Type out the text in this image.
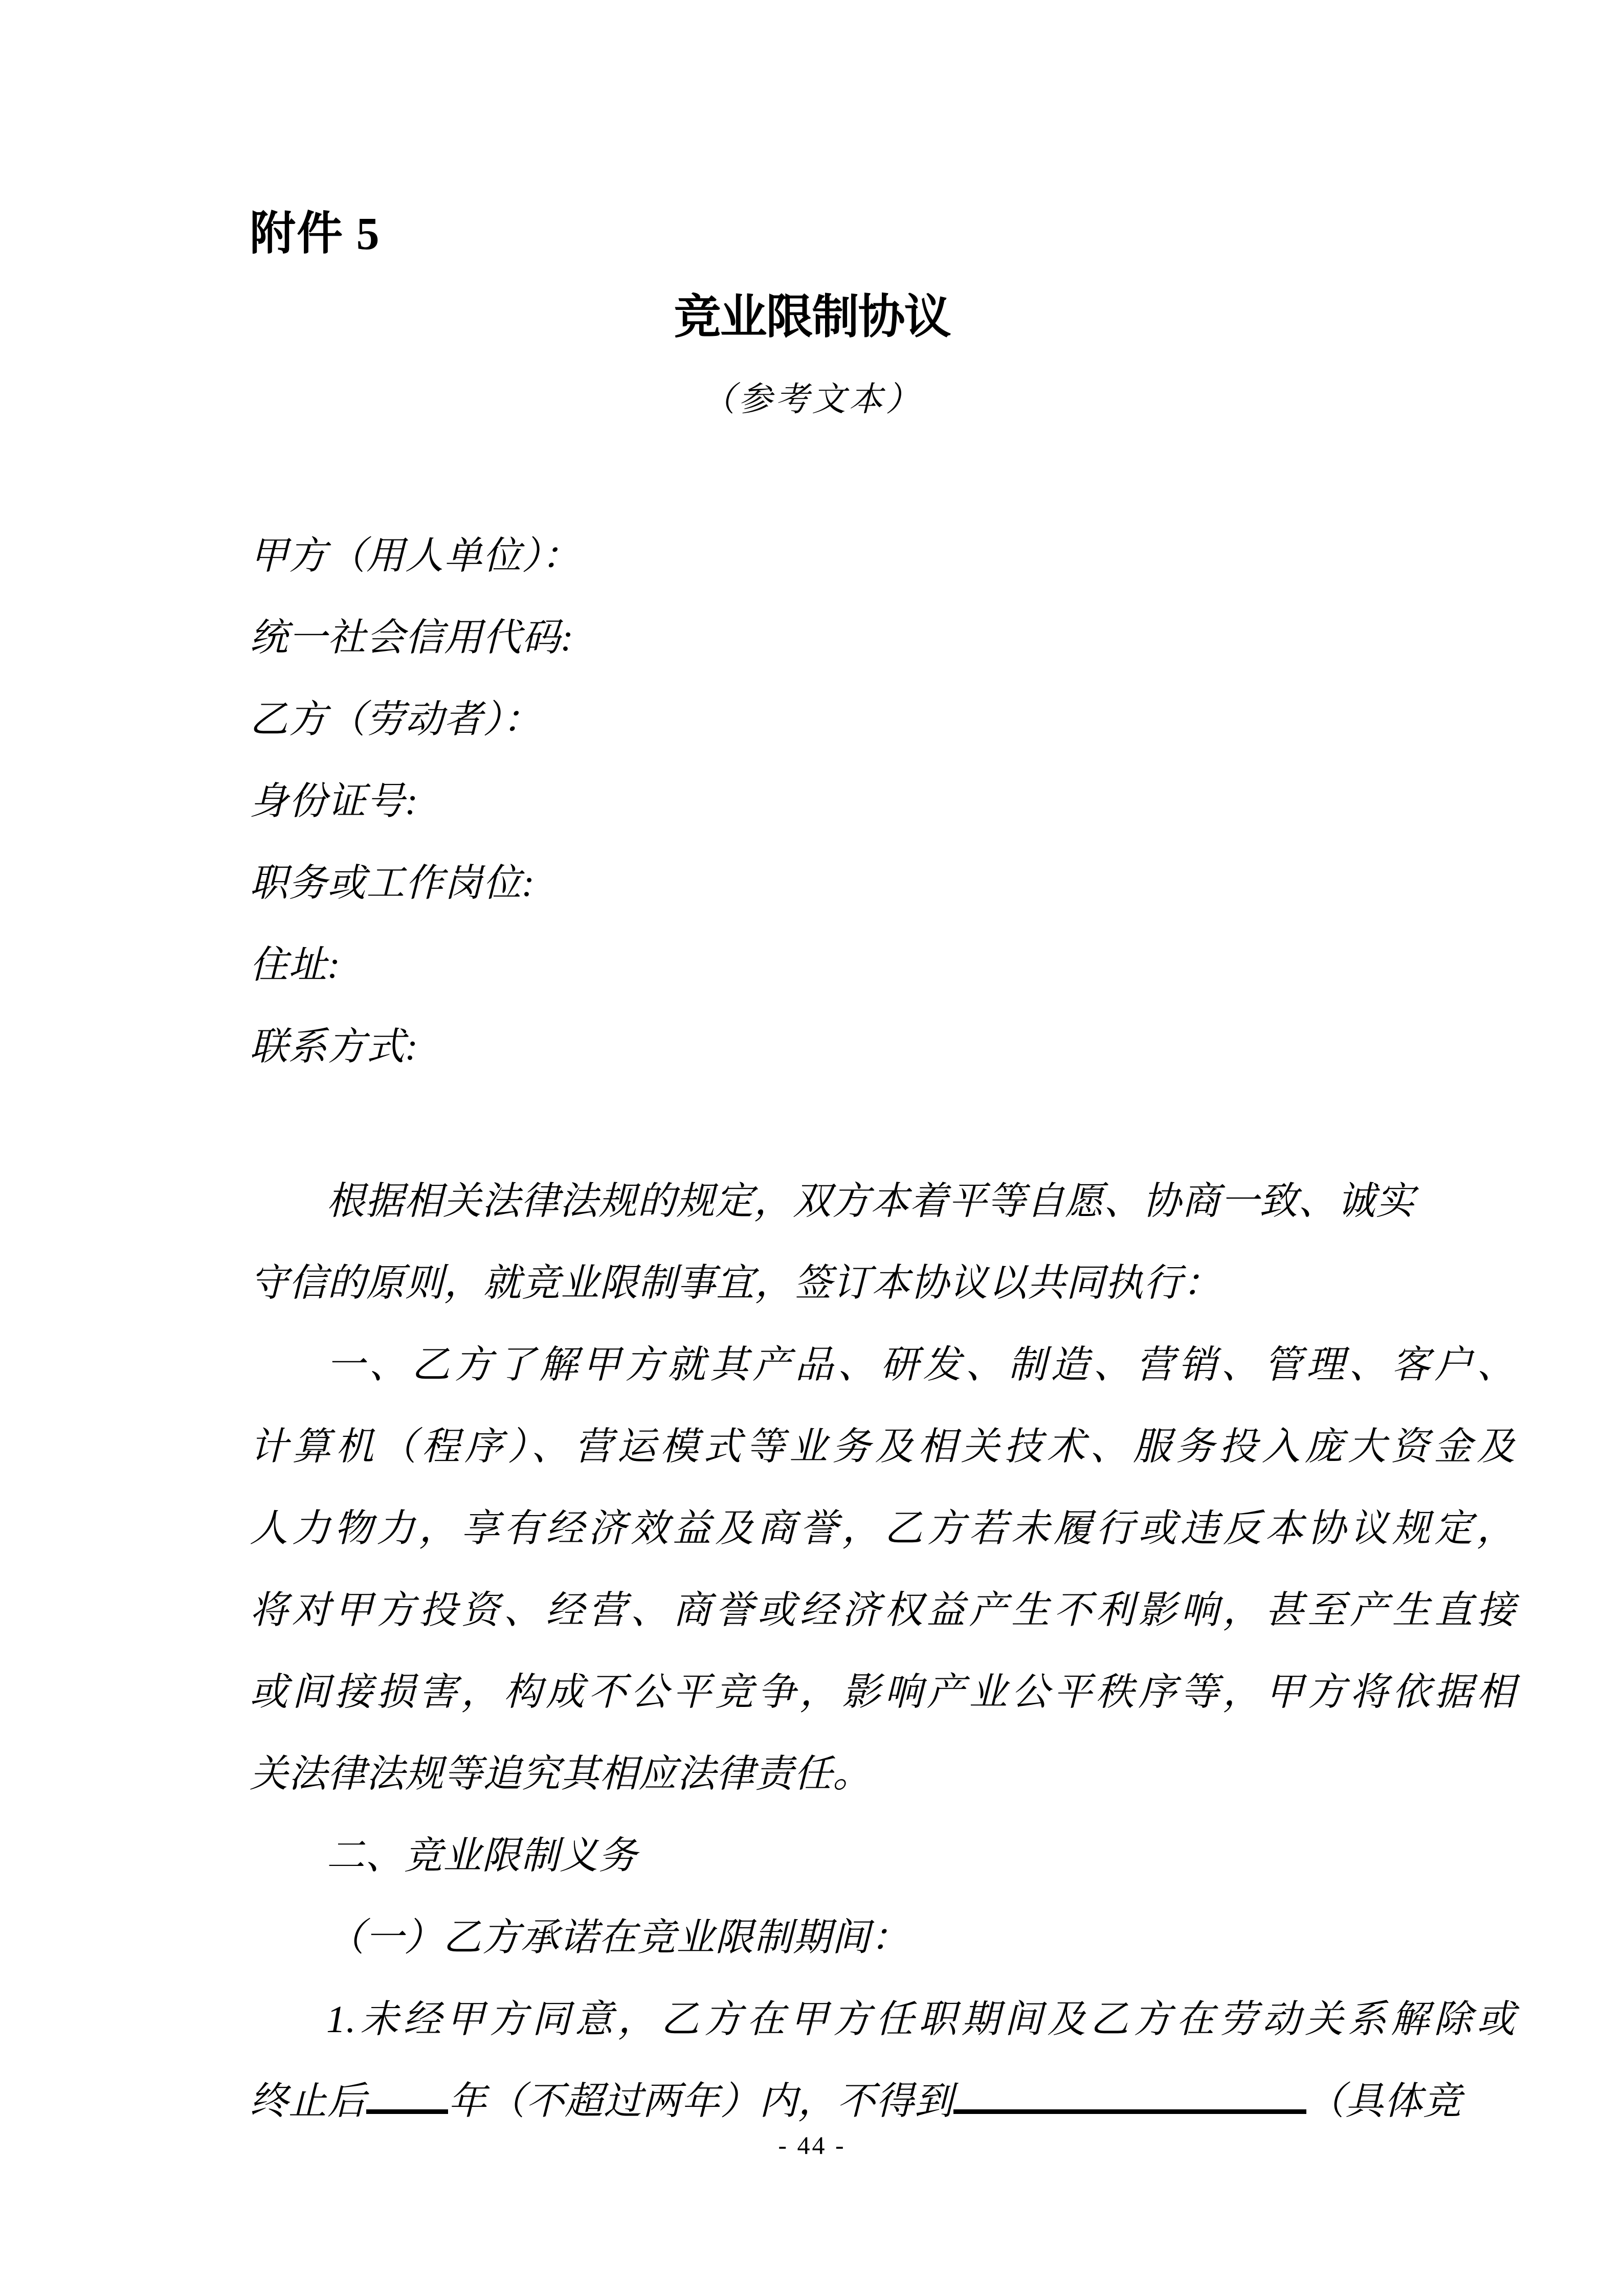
附件 5
竞业限制协议
（参考文本）
甲方（用人单位）：
统一社会信用代码:
乙方（劳动者）：
身份证号:
职务或工作岗位:
住址:
联系方式:
根据相关法律法规的规定，双方本着平等自愿、协商一致、诚实
守信的原则，就竞业限制事宜，签订本协议以共同执行：
一、乙方了解甲方就其产品、研发、制造、营销、管理、客户、
计算机（程序）、营运模式等业务及相关技术、服务投入庞大资金及
人力物力，享有经济效益及商誉，乙方若未履行或违反本协议规定，
将对甲方投资、经营、商誉或经济权益产生不利影响，甚至产生直接
或间接损害，构成不公平竞争，影响产业公平秩序等，甲方将依据相
关法律法规等追究其相应法律责任。
二、竞业限制义务
（一）乙方承诺在竞业限制期间：
1.未经甲方同意，乙方在甲方任职期间及乙方在劳动关系解除或
终止后 年（不超过两年）内，不得到	（具体竞
- 44 -
